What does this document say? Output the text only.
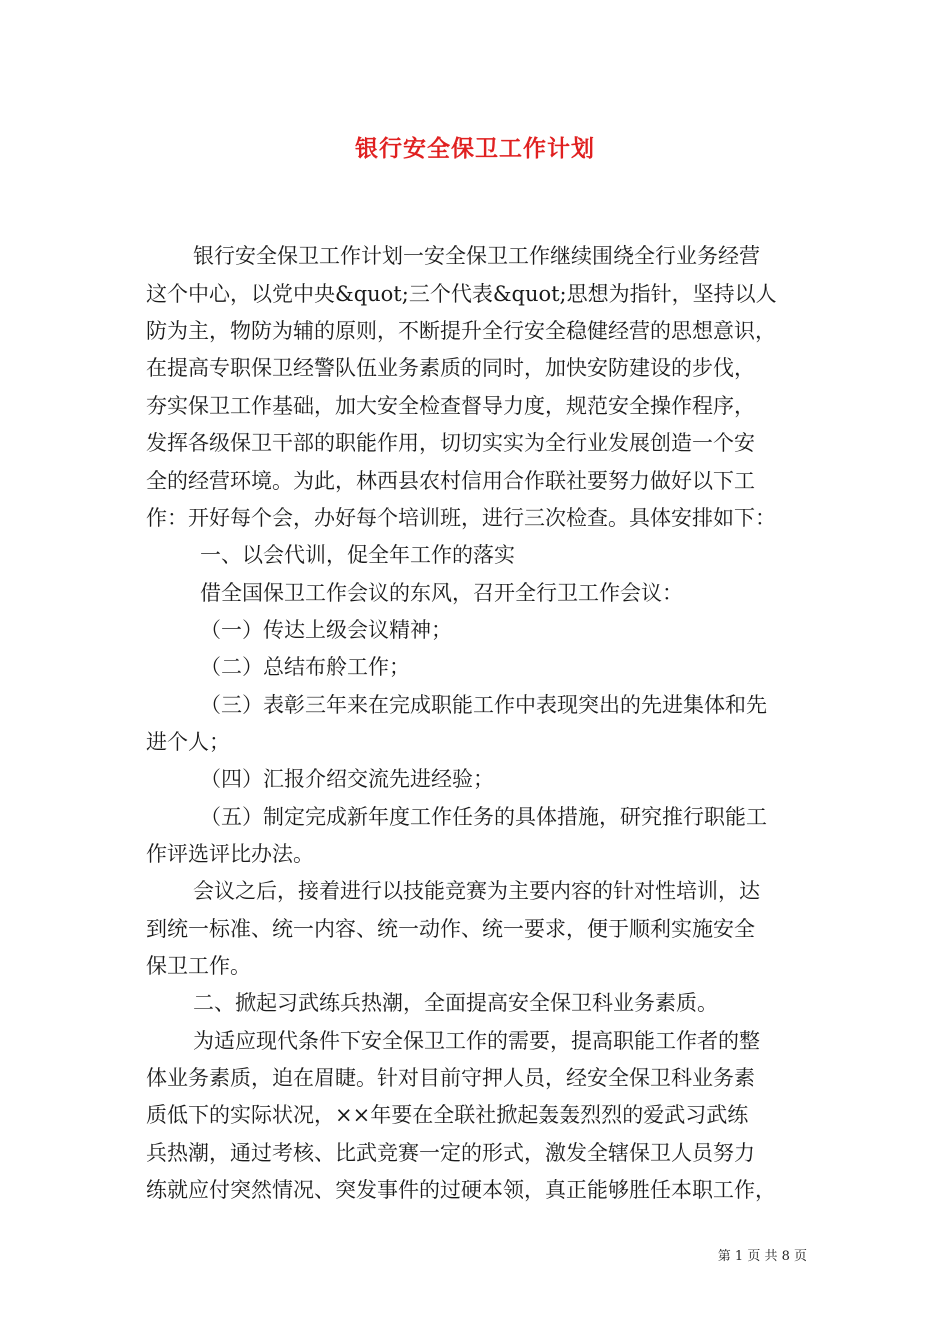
银行安全保卫工作计划
银行安全保卫工作计划一安全保卫工作继续围绕全行业务经营
这个中心，以党中央&quot;三个代表&quot;思想为指针，坚持以人
防为主，物防为辅的原则，不断提升全行安全稳健经营的思想意识，
在提高专职保卫经警队伍业务素质的同时，加快安防建设的步伐，
夯实保卫工作基础，加大安全检查督导力度，规范安全操作程序，
发挥各级保卫干部的职能作用，切切实实为全行业发展创造一个安
全的经营环境。为此，林西县农村信用合作联社要努力做好以下工
作：开好每个会，办好每个培训班，进行三次检查。具体安排如下：
一、以会代训，促全年工作的落实
借全国保卫工作会议的东风，召开全行卫工作会议：
（一）传达上级会议精神；
（二）总结布舲工作；
（三）表彰三年来在完成职能工作中表现突出的先进集体和先
进个人；
（四）汇报介绍交流先进经验；
（五）制定完成新年度工作任务的具体措施，研究推行职能工
作评选评比办法。
会议之后，接着进行以技能竞赛为主要内容的针对性培训，达
到统一标准、统一内容、统一动作、统一要求，便于顺利实施安全
保卫工作。
二、掀起习武练兵热潮，全面提高安全保卫科业务素质。
为适应现代条件下安全保卫工作的需要，提高职能工作者的整
体业务素质，迫在眉睫。针对目前守押人员，经安全保卫科业务素
质低下的实际状况，××年要在全联社掀起轰轰烈烈的爱武习武练
兵热潮，通过考核、比武竞赛一定的形式，激发全辖保卫人员努力
练就应付突然情况、突发事件的过硬本领，真正能够胜任本职工作，
第 1 页 共 8 页
